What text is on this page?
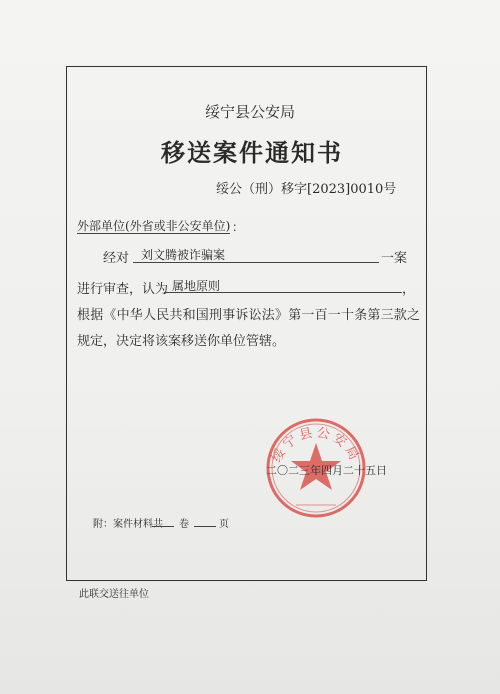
绥宁县公安局
移送案件通知书
绥公（刑）移字[2023]0010号
外部单位(外省或非公安单位) ：
经对 刘文腾被诈骗案	一案
进行审查，认为 属地原则	，
根据《中华人民共和国刑事诉讼法》第一百一十条第三款之
规定，决定将该案移送你单位管辖。
绥宁县公安局
二〇二三年四月二十五日
附：案件材料共 卷	页
此联交送往单位
